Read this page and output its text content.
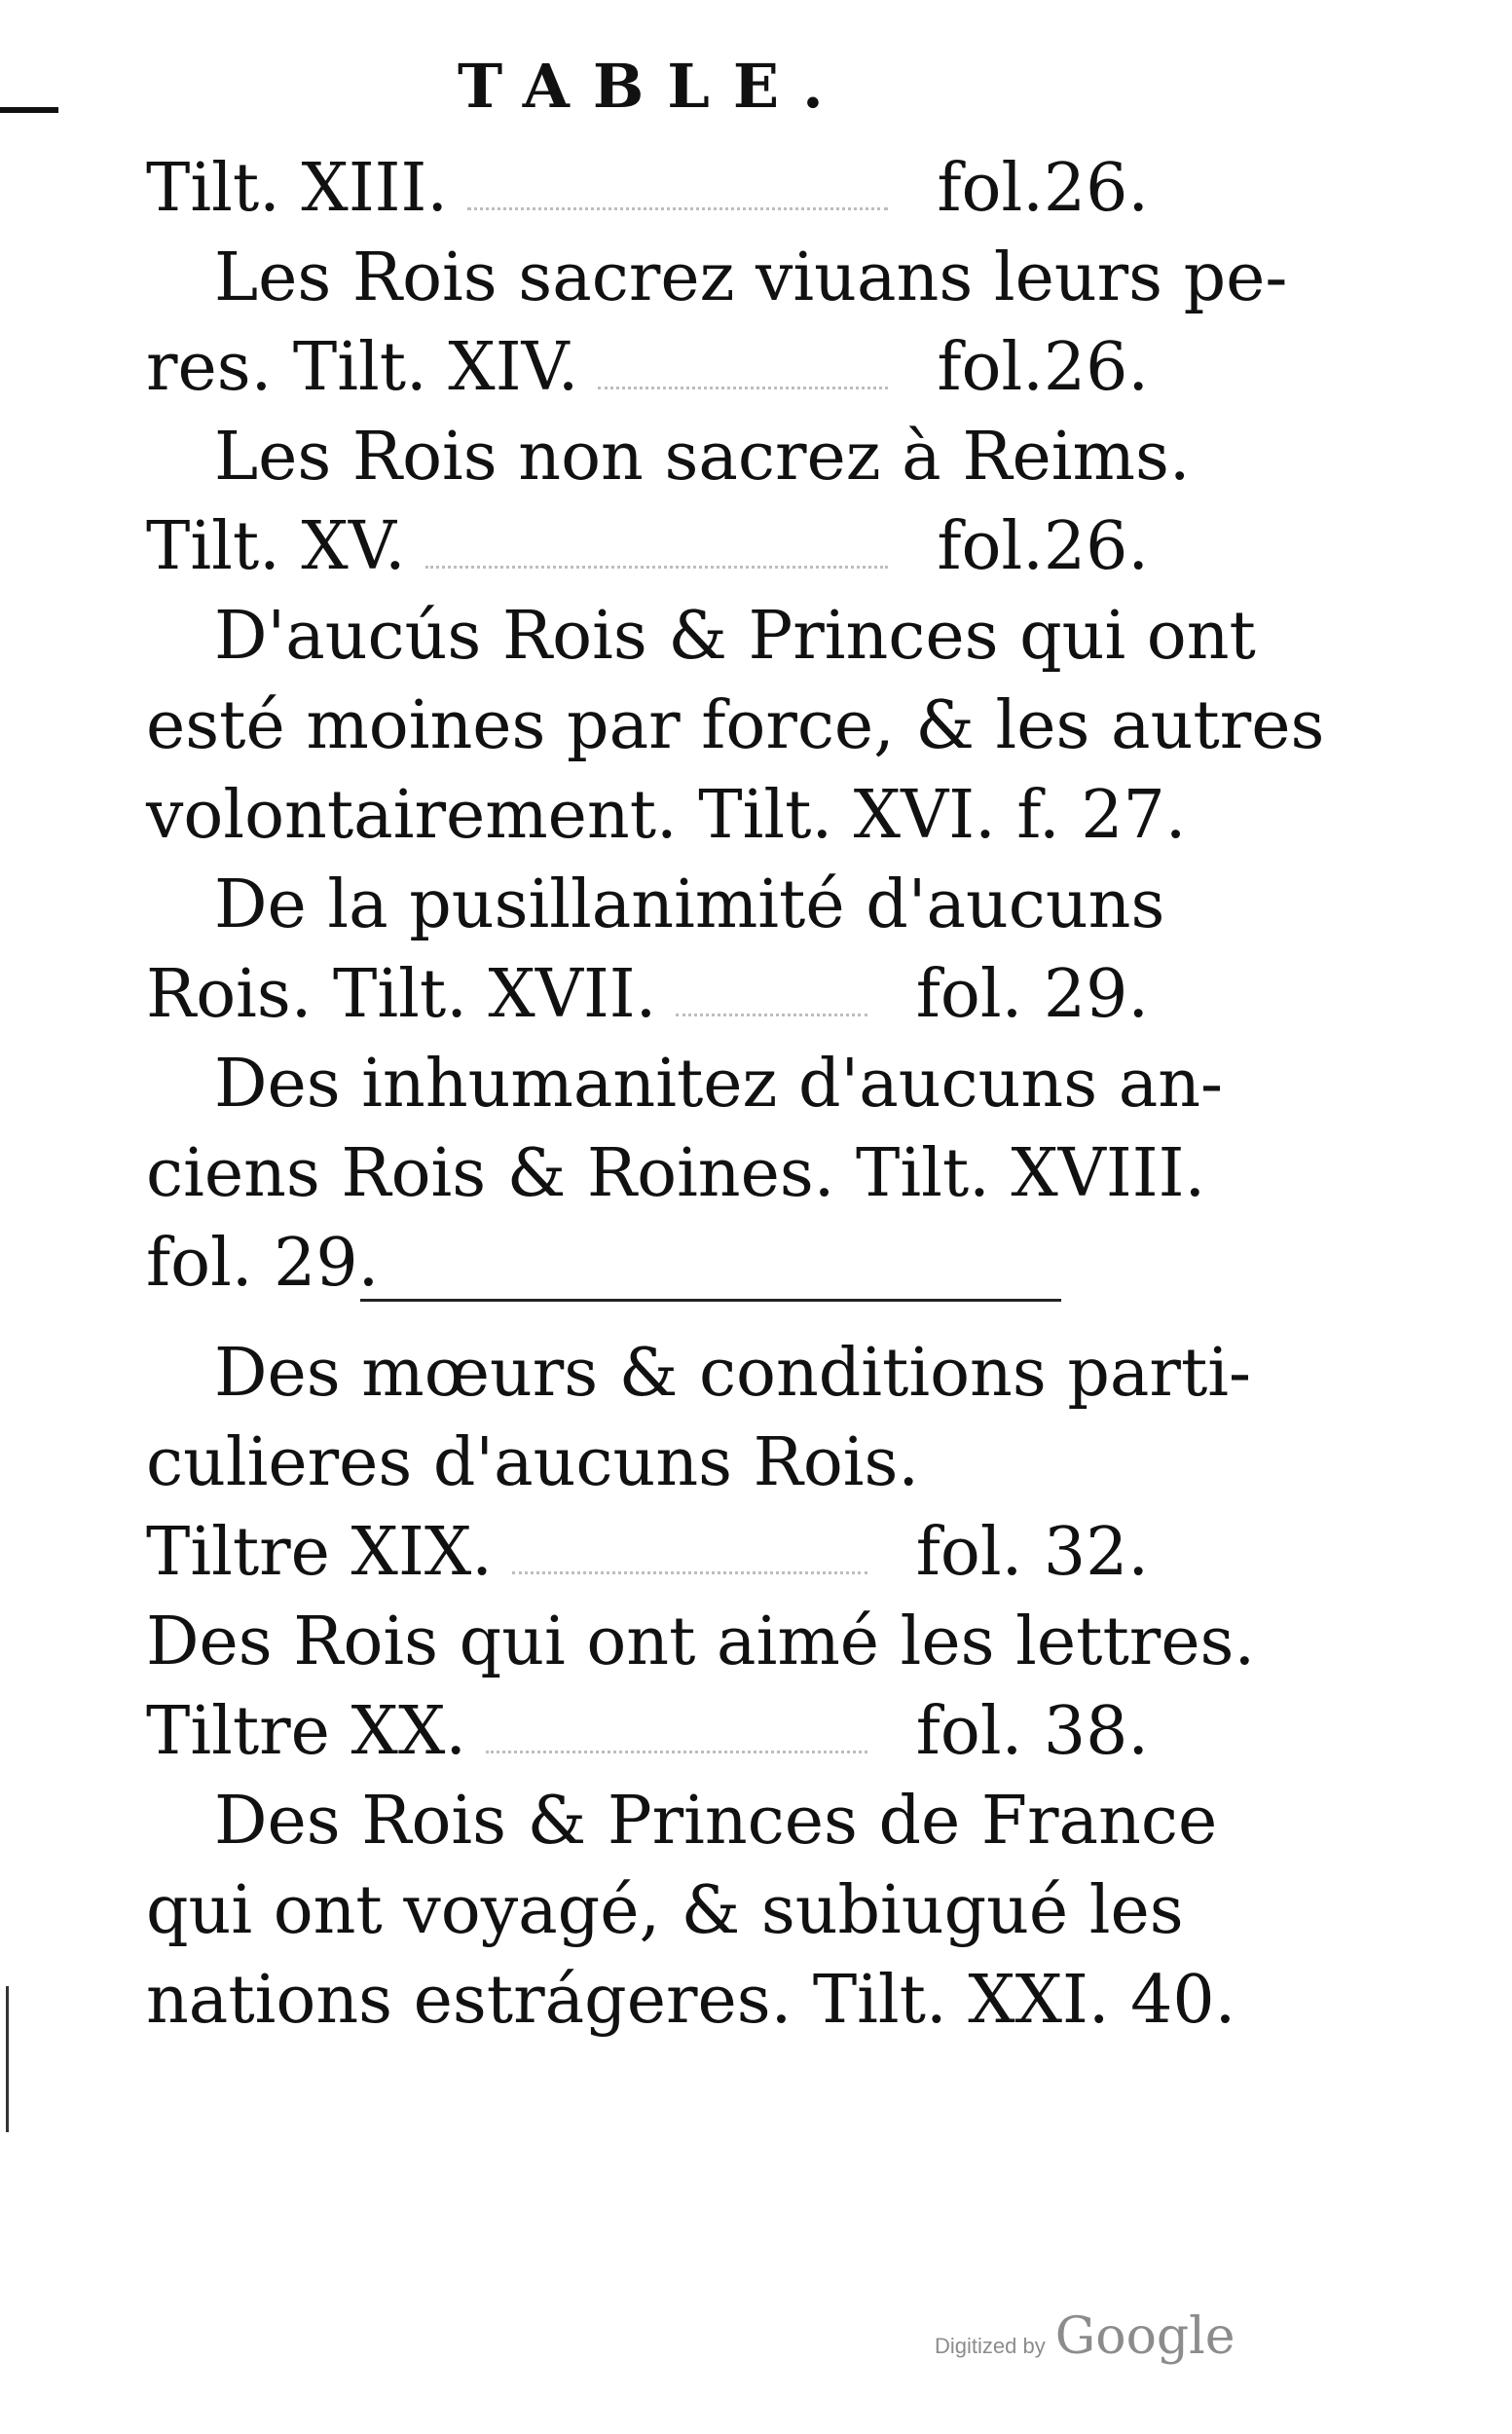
TABLE.
Tilt. XIII.	fol.26.
Les Rois sacrez viuans leurs pe-
res. Tilt. XIV.	fol.26.
Les Rois non sacrez à Reims.
Tilt. XV.	fol.26.
D'aucús Rois & Princes qui ont
esté moines par force, & les autres
volontairement. Tilt. XVI. f. 27.
De la pusillanimité d'aucuns
Rois. Tilt. XVII.	fol. 29.
Des inhumanitez d'aucuns an-
ciens Rois & Roines. Tilt. XVIII.
fol. 29.
Des mœurs & conditions parti-
culieres d'aucuns Rois.
Tiltre XIX.	fol. 32.
Des Rois qui ont aimé les lettres.
Tiltre XX.	fol. 38.
Des Rois & Princes de France
qui ont voyagé, & subiugué les
nations estrágeres. Tilt. XXI. 40.
Digitized by Google
